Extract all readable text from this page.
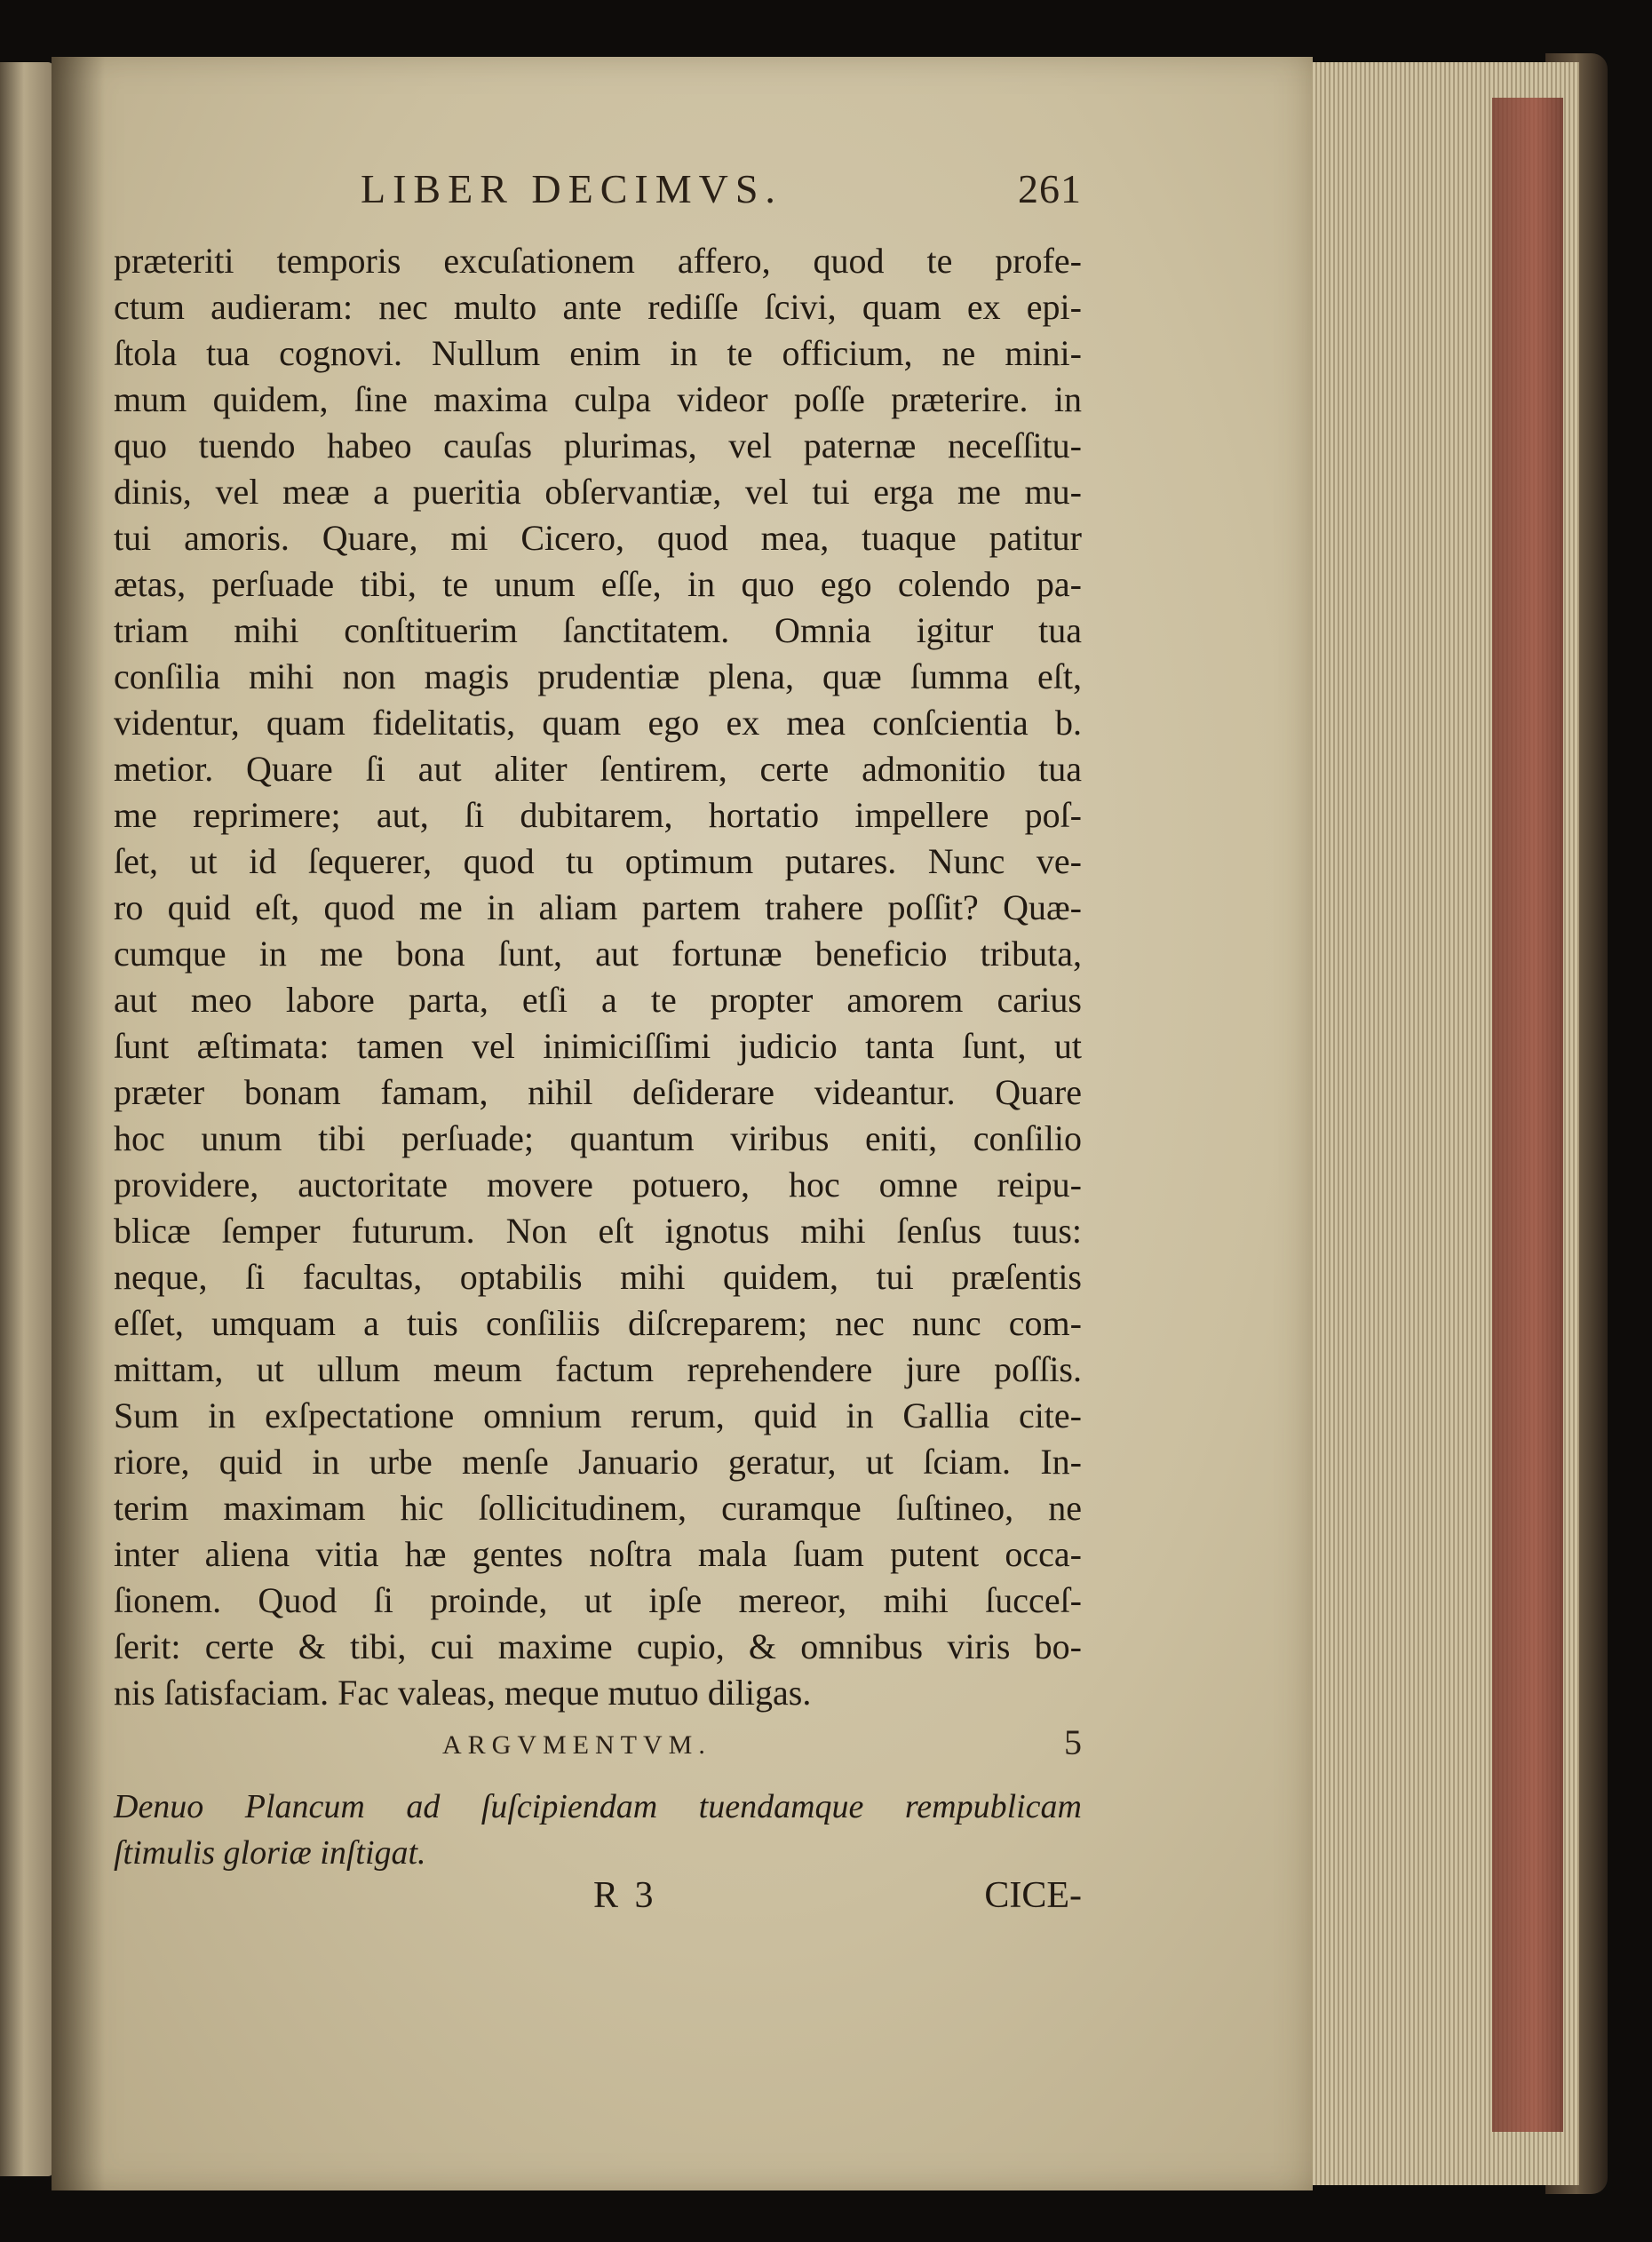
LIBER DECIMVS.	261
præteriti temporis excuſationem affero, quod te profe-
ctum audieram: nec multo ante rediſſe ſcivi, quam ex epi-
ſtola tua cognovi. Nullum enim in te officium, ne mini-
mum quidem, ſine maxima culpa videor poſſe præterire. in
quo tuendo habeo cauſas plurimas, vel paternæ neceſſitu-
dinis, vel meæ a pueritia obſervantiæ, vel tui erga me mu-
tui amoris. Quare, mi Cicero, quod mea, tuaque patitur
ætas, perſuade tibi, te unum eſſe, in quo ego colendo pa-
triam mihi conſtituerim ſanctitatem. Omnia igitur tua
conſilia mihi non magis prudentiæ plena, quæ ſumma eſt,
videntur, quam fidelitatis, quam ego ex mea conſcientia b.
metior. Quare ſi aut aliter ſentirem, certe admonitio tua
me reprimere; aut, ſi dubitarem, hortatio impellere poſ-
ſet, ut id ſequerer, quod tu optimum putares. Nunc ve-
ro quid eſt, quod me in aliam partem trahere poſſit? Quæ-
cumque in me bona ſunt, aut fortunæ beneficio tributa,
aut meo labore parta, etſi a te propter amorem carius
ſunt æſtimata: tamen vel inimiciſſimi judicio tanta ſunt, ut
præter bonam famam, nihil deſiderare videantur. Quare
hoc unum tibi perſuade; quantum viribus eniti, conſilio
providere, auctoritate movere potuero, hoc omne reipu-
blicæ ſemper futurum. Non eſt ignotus mihi ſenſus tuus:
neque, ſi facultas, optabilis mihi quidem, tui præſentis
eſſet, umquam a tuis conſiliis diſcreparem; nec nunc com-
mittam, ut ullum meum factum reprehendere jure poſſis.
Sum in exſpectatione omnium rerum, quid in Gallia cite-
riore, quid in urbe menſe Januario geratur, ut ſciam. In-
terim maximam hic ſollicitudinem, curamque ſuſtineo, ne
inter aliena vitia hæ gentes noſtra mala ſuam putent occa-
ſionem. Quod ſi proinde, ut ipſe mereor, mihi ſucceſ-
ſerit: certe & tibi, cui maxime cupio, & omnibus viris bo-
nis ſatisfaciam. Fac valeas, meque mutuo diligas.
ARGVMENTVM.	5
Denuo Plancum ad ſuſcipiendam tuendamque rempublicam
ſtimulis gloriæ inſtigat.
R 3	CICE-
